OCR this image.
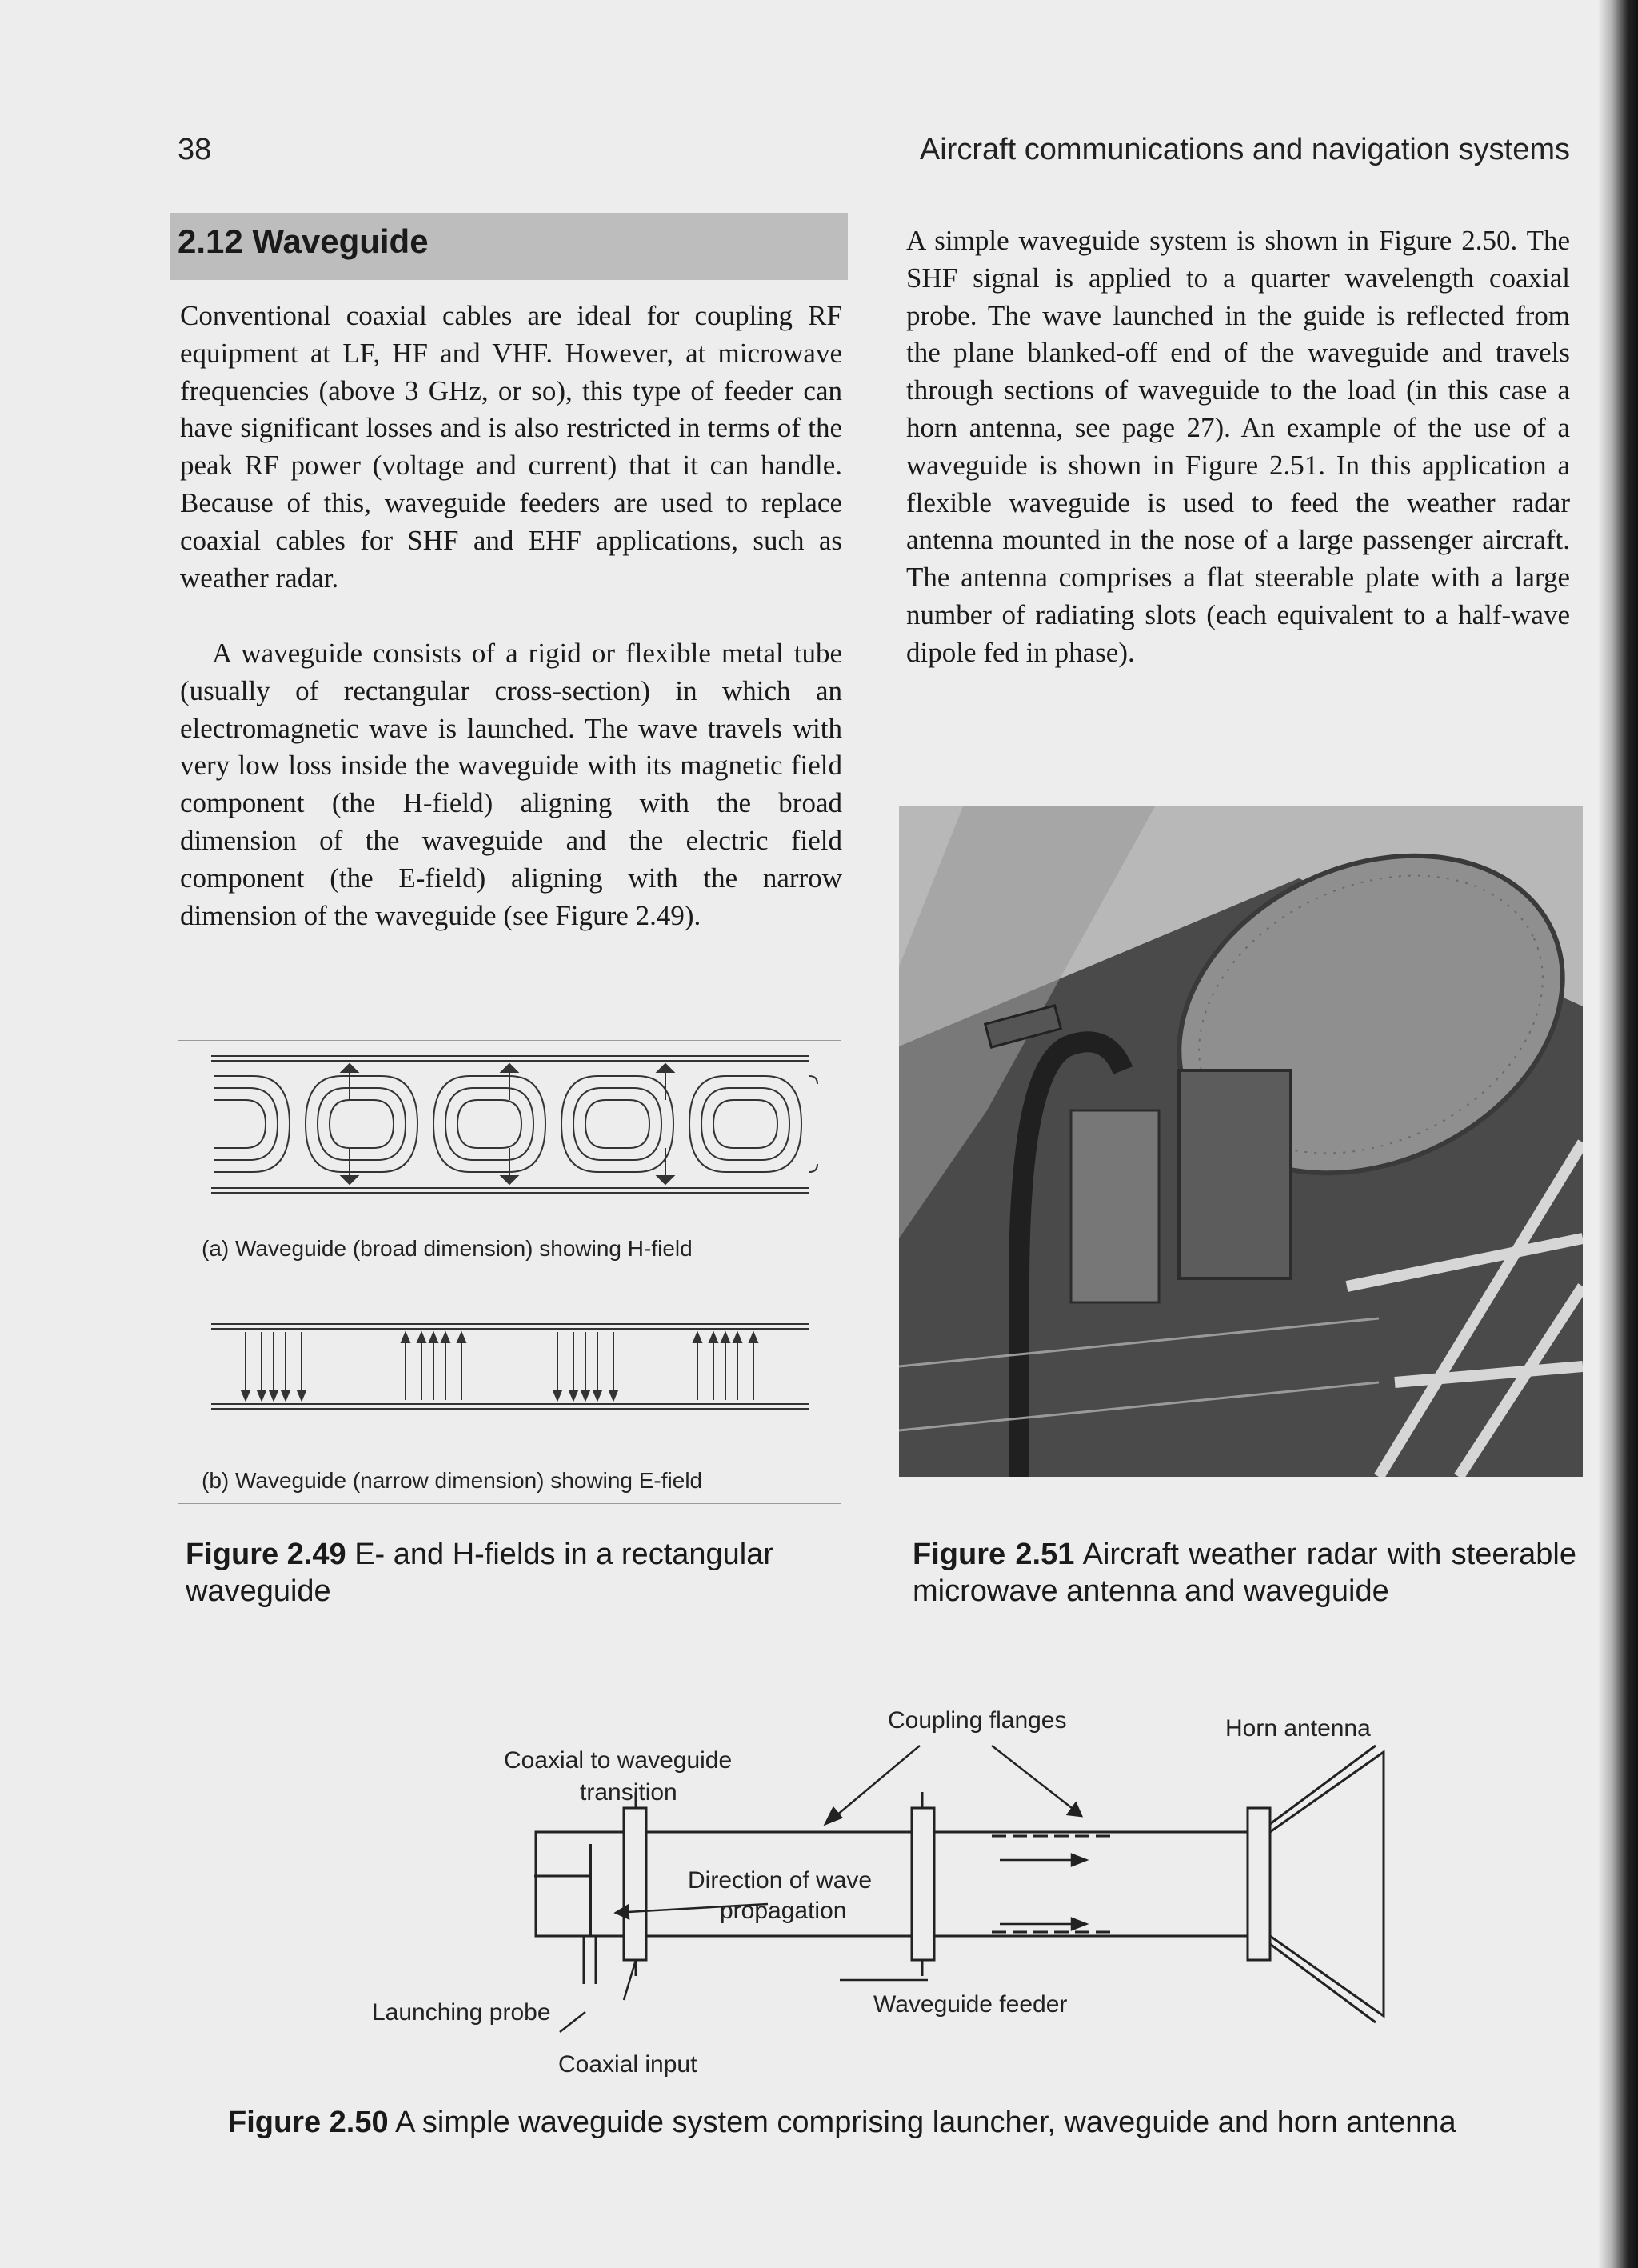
38	Aircraft communications and navigation systems
2.12 Waveguide

Conventional coaxial cables are ideal for coupling RF equipment at LF, HF and VHF. However, at microwave frequencies (above 3 GHz, or so), this type of feeder can have significant losses and is also restricted in terms of the peak RF power (voltage and current) that it can handle. Because of this, waveguide feeders are used to replace coaxial cables for SHF and EHF applications, such as weather radar.

A waveguide consists of a rigid or flexible metal tube (usually of rectangular cross-section) in which an electromagnetic wave is launched. The wave travels with very low loss inside the waveguide with its magnetic field component (the H-field) aligning with the broad dimension of the waveguide and the electric field component (the E-field) aligning with the narrow dimension of the waveguide (see Figure 2.49).

A simple waveguide system is shown in Figure 2.50. The SHF signal is applied to a quarter wavelength coaxial probe. The wave launched in the guide is reflected from the plane blanked-off end of the waveguide and travels through sections of waveguide to the load (in this case a horn antenna, see page 27). An example of the use of a waveguide is shown in Figure 2.51. In this application a flexible waveguide is used to feed the weather radar antenna mounted in the nose of a large passenger aircraft. The antenna comprises a flat steerable plate with a large number of radiating slots (each equivalent to a half-wave dipole fed in phase).

(a) Waveguide (broad dimension) showing H-field
(b) Waveguide (narrow dimension) showing E-field

Figure 2.49 E- and H-fields in a rectangular waveguide

Figure 2.51 Aircraft weather radar with steerable microwave antenna and waveguide

Coupling flanges	Horn antenna
Coaxial to waveguide
transition
Direction of wave
propagation
Launching probe	Waveguide feeder
Coaxial input

Figure 2.50 A simple waveguide system comprising launcher, waveguide and horn antenna
